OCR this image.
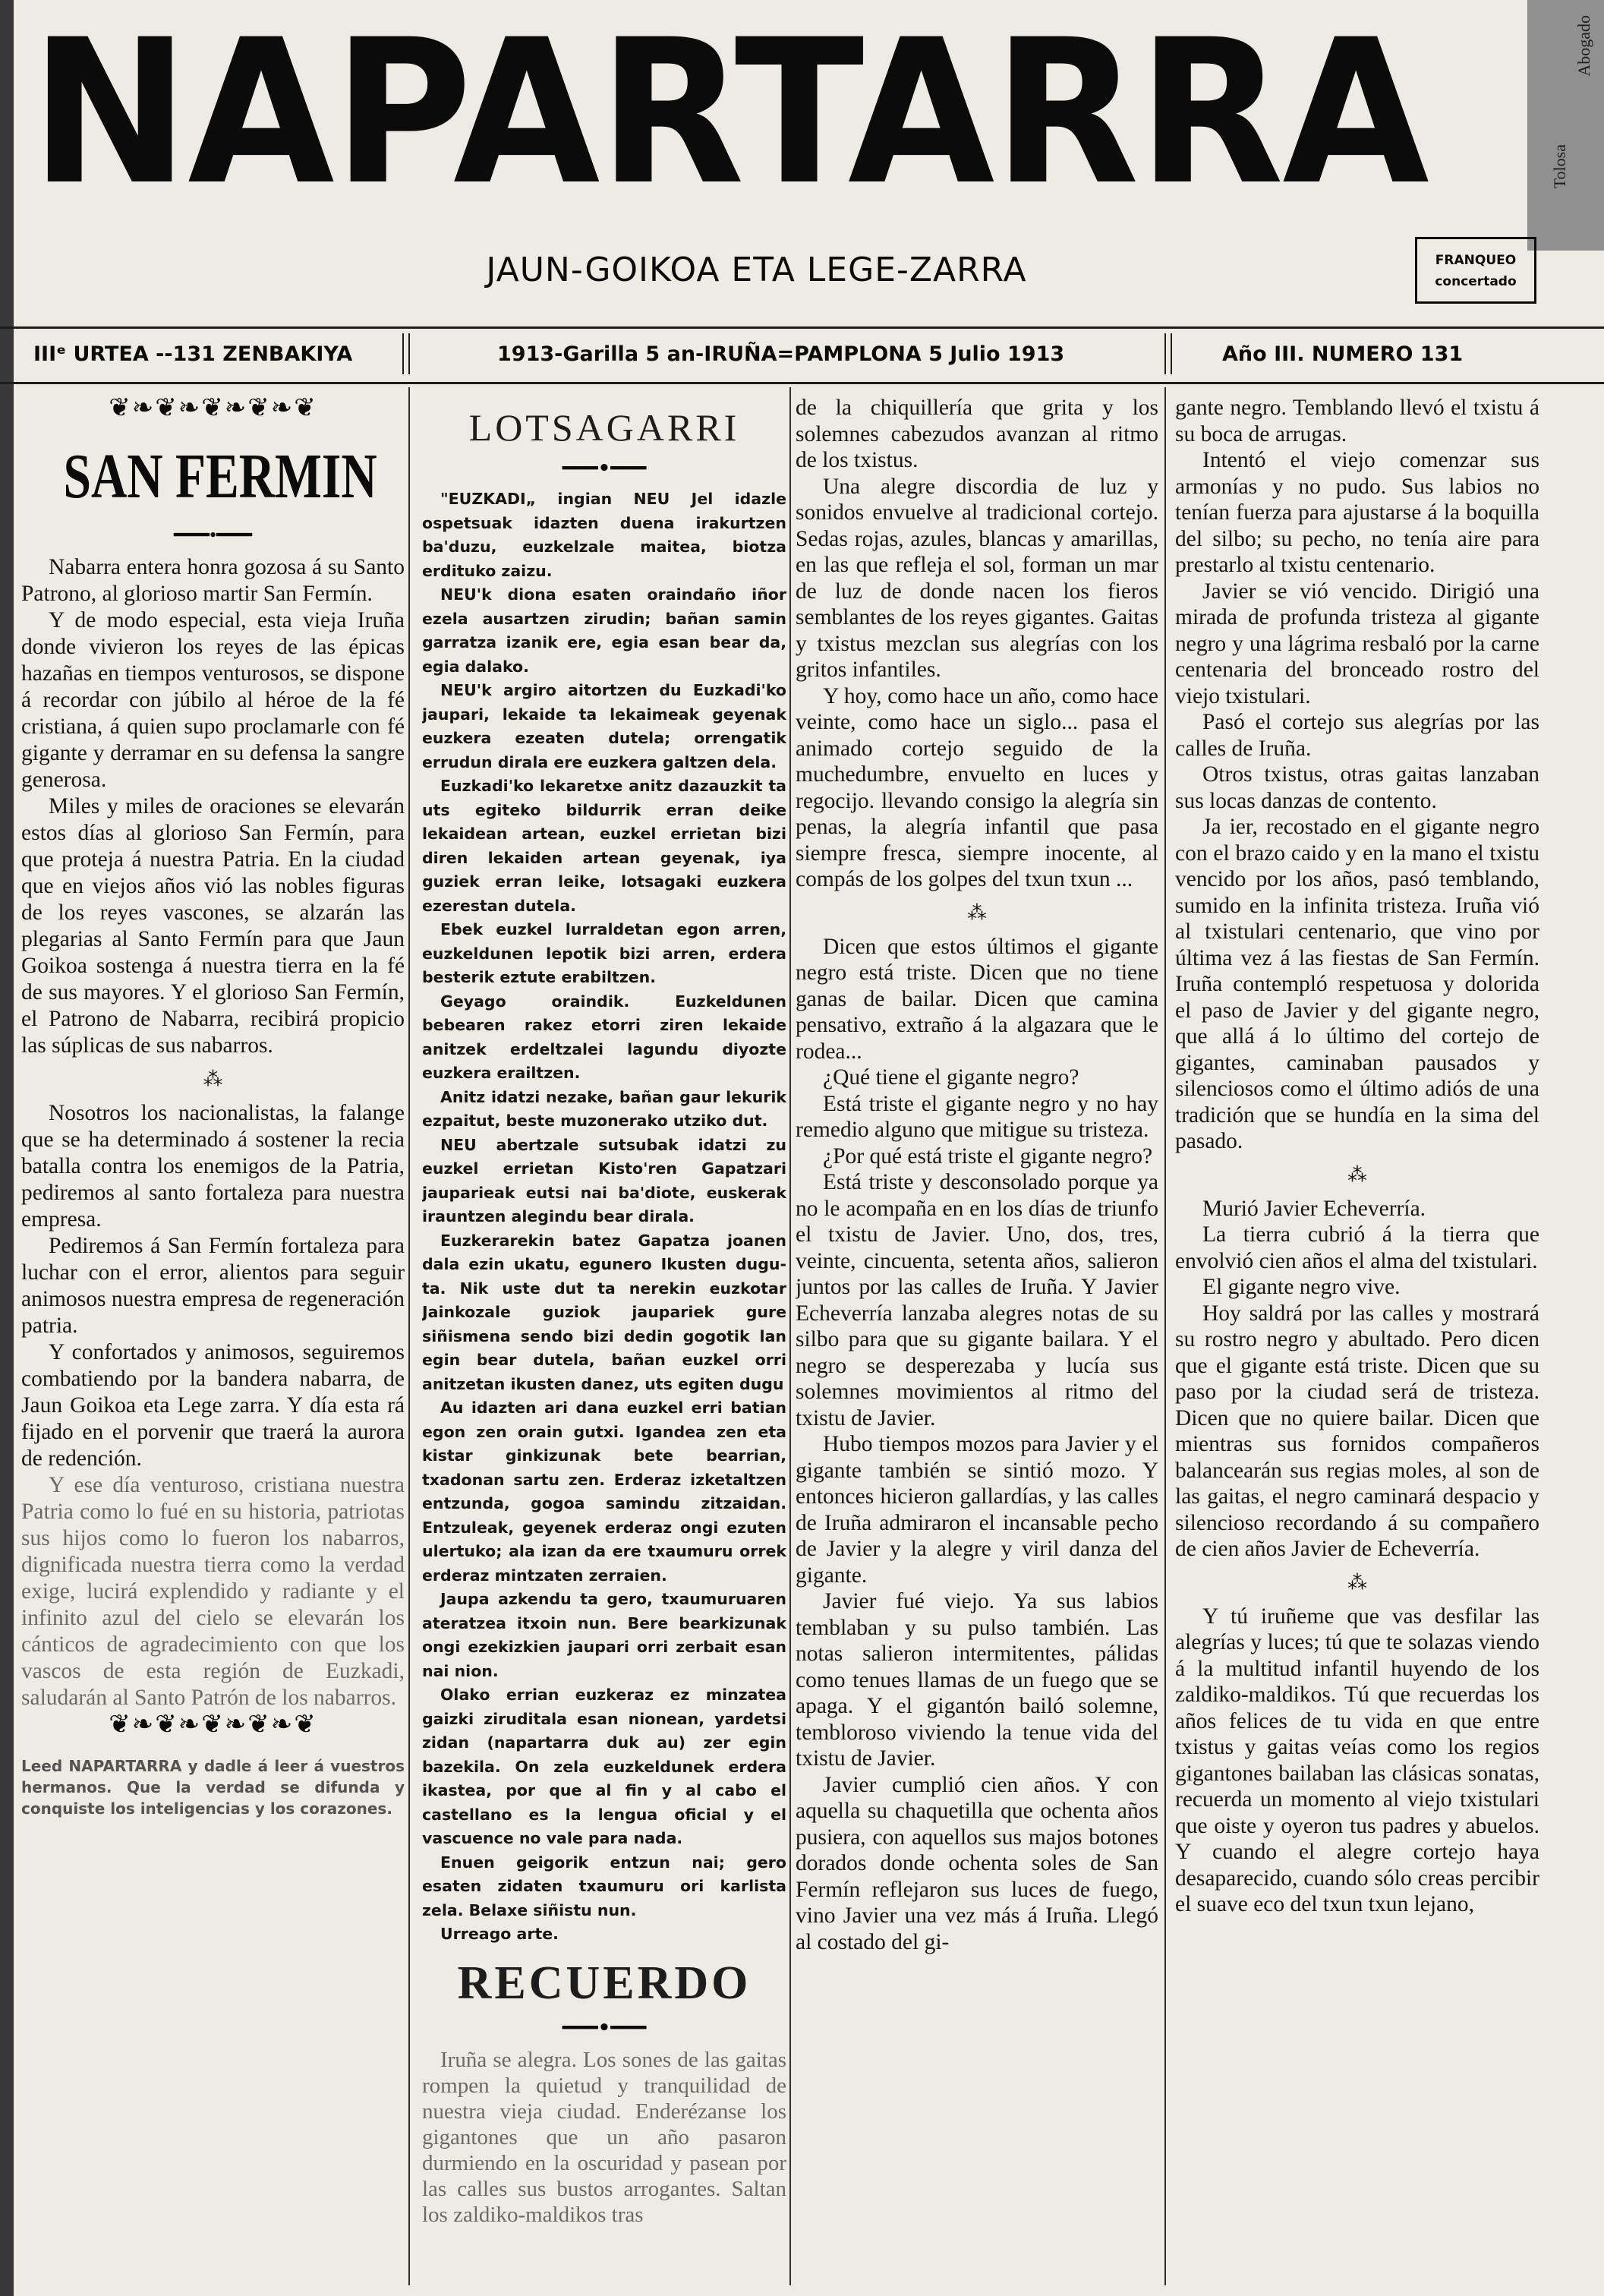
Abogado
Tolosa
NAPARTARRA
JAUN-GOIKOA ETA LEGE-ZARRA	FRANQUEO
concertado
IIIᵉ URTEA --131 ZENBAKIYA	1913-Garilla 5 an-IRUÑA=PAMPLONA 5 Julio 1913	Año III. NUMERO 131
❦❧❦❧❦❧❦❧❦
SAN FERMIN
━━━•━━━

Nabarra entera honra gozosa á su Santo Patrono, al glorioso martir San Fermín.

Y de modo especial, esta vieja Iruña donde vivieron los reyes de las épicas hazañas en tiempos venturosos, se dispone á recordar con júbilo al héroe de la fé cristiana, á quien supo proclamarle con fé gigante y derramar en su defensa la sangre generosa.

Miles y miles de oraciones se elevarán estos días al glorioso San Fermín, para que proteja á nuestra Patria. En la ciudad que en viejos años vió las nobles figuras de los reyes vascones, se alzarán las plegarias al Santo Fermín para que Jaun Goikoa sostenga á nuestra tierra en la fé de sus mayores. Y el glorioso San Fermín, el Patrono de Nabarra, recibirá propicio las súplicas de sus nabarros.

⁂

Nosotros los nacionalistas, la falange que se ha determinado á sostener la recia batalla contra los enemigos de la Patria, pediremos al santo fortaleza para nuestra empresa.

Pediremos á San Fermín fortaleza para luchar con el error, alientos para seguir animosos nuestra empresa de regeneración patria.

Y confortados y animosos, seguiremos combatiendo por la bandera nabarra, de Jaun Goikoa eta Lege zarra. Y día esta rá fijado en el porvenir que traerá la aurora de redención.

Y ese día venturoso, cristiana nuestra Patria como lo fué en su historia, patriotas sus hijos como lo fueron los nabarros, dignificada nuestra tierra como la verdad exige, lucirá explendido y radiante y el infinito azul del cielo se elevarán los cánticos de agradecimiento con que los vascos de esta región de Euzkadi, saludarán al Santo Patrón de los nabarros.

❦❧❦❧❦❧❦❧❦

Leed NAPARTARRA y dadle á leer á vuestros hermanos. Que la verdad se difunda y conquiste los inteligencias y los corazones.

LOTSAGARRI
━━━•━━━

"EUZKADI„ ingian NEU Jel idazle ospetsuak idazten duena irakurtzen ba'duzu, euzkelzale maitea, biotza erdituko zaizu.

NEU'k diona esaten oraindaño iñor ezela ausartzen zirudin; bañan samin garratza izanik ere, egia esan bear da, egia dalako.

NEU'k argiro aitortzen du Euzkadi'ko jaupari, lekaide ta lekaimeak geyenak euzkera ezeaten dutela; orrengatik errudun dirala ere euzkera galtzen dela.

Euzkadi'ko lekaretxe anitz dazauzkit ta uts egiteko bildurrik erran deike lekaidean artean, euzkel errietan bizi diren lekaiden artean geyenak, iya guziek erran leike, lotsagaki euzkera ezerestan dutela.

Ebek euzkel lurraldetan egon arren, euzkeldunen lepotik bizi arren, erdera besterik eztute erabiltzen.

Geyago oraindik. Euzkeldunen bebearen rakez etorri ziren lekaide anitzek erdeltzalei lagundu diyozte euzkera erailtzen.

Anitz idatzi nezake, bañan gaur lekurik ezpaitut, beste muzonerako utziko dut.

NEU abertzale sutsubak idatzi zu euzkel errietan Kisto'ren Gapatzari jauparieak eutsi nai ba'diote, euskerak irauntzen alegindu bear dirala.

Euzkerarekin batez Gapatza joanen dala ezin ukatu, egunero Ikusten dugu-ta. Nik uste dut ta nerekin euzkotar Jainkozale guziok jaupariek gure siñismena sendo bizi dedin gogotik lan egin bear dutela, bañan euzkel orri anitzetan ikusten danez, uts egiten dugu

Au idazten ari dana euzkel erri batian egon zen orain gutxi. Igandea zen eta kistar ginkizunak bete bearrian, txadonan sartu zen. Erderaz izketaltzen entzunda, gogoa samindu zitzaidan. Entzuleak, geyenek erderaz ongi ezuten ulertuko; ala izan da ere txaumuru orrek erderaz mintzaten zerraien.

Jaupa azkendu ta gero, txaumuruaren ateratzea itxoin nun. Bere bearkizunak ongi ezekizkien jaupari orri zerbait esan nai nion.

Olako errian euzkeraz ez minzatea gaizki ziruditala esan nionean, yardetsi zidan (napartarra duk au) zer egin bazekila. On zela euzkeldunek erdera ikastea, por que al fin y al cabo el castellano es la lengua oficial y el vascuence no vale para nada.

Enuen geigorik entzun nai; gero esaten zidaten txaumuru ori karlista zela. Belaxe siñistu nun.

Urreago arte.

RECUERDO
━━━•━━━

Iruña se alegra. Los sones de las gaitas rompen la quietud y tranquilidad de nuestra vieja ciudad. Enderézanse los gigantones que un año pasaron durmiendo en la oscuridad y pasean por las calles sus bustos arrogantes. Saltan los zaldiko-maldikos tras

de la chiquillería que grita y los solemnes cabezudos avanzan al ritmo de los txistus.

Una alegre discordia de luz y sonidos envuelve al tradicional cortejo. Sedas rojas, azules, blancas y amarillas, en las que refleja el sol, forman un mar de luz de donde nacen los fieros semblantes de los reyes gigantes. Gaitas y txistus mezclan sus alegrías con los gritos infantiles.

Y hoy, como hace un año, como hace veinte, como hace un siglo... pasa el animado cortejo seguido de la muchedumbre, envuelto en luces y regocijo. llevando consigo la alegría sin penas, la alegría infantil que pasa siempre fresca, siempre inocente, al compás de los golpes del txun txun ...

⁂

Dicen que estos últimos el gigante negro está triste. Dicen que no tiene ganas de bailar. Dicen que camina pensativo, extraño á la algazara que le rodea...

¿Qué tiene el gigante negro?

Está triste el gigante negro y no hay remedio alguno que mitigue su tristeza.

¿Por qué está triste el gigante negro?

Está triste y desconsolado porque ya no le acompaña en en los días de triunfo el txistu de Javier. Uno, dos, tres, veinte, cincuenta, setenta años, salieron juntos por las calles de Iruña. Y Javier Echeverría lanzaba alegres notas de su silbo para que su gigante bailara. Y el negro se desperezaba y lucía sus solemnes movimientos al ritmo del txistu de Javier.

Hubo tiempos mozos para Javier y el gigante también se sintió mozo. Y entonces hicieron gallardías, y las calles de Iruña admiraron el incansable pecho de Javier y la alegre y viril danza del gigante.

Javier fué viejo. Ya sus labios temblaban y su pulso también. Las notas salieron intermitentes, pálidas como tenues llamas de un fuego que se apaga. Y el gigantón bailó solemne, tembloroso viviendo la tenue vida del txistu de Javier.

Javier cumplió cien años. Y con aquella su chaquetilla que ochenta años pusiera, con aquellos sus majos botones dorados donde ochenta soles de San Fermín reflejaron sus luces de fuego, vino Javier una vez más á Iruña. Llegó al costado del gi-

gante negro. Temblando llevó el txistu á su boca de arrugas.

Intentó el viejo comenzar sus armonías y no pudo. Sus labios no tenían fuerza para ajustarse á la boquilla del silbo; su pecho, no tenía aire para prestarlo al txistu centenario.

Javier se vió vencido. Dirigió una mirada de profunda tristeza al gigante negro y una lágrima resbaló por la carne centenaria del bronceado rostro del viejo txistulari.

Pasó el cortejo sus alegrías por las calles de Iruña.

Otros txistus, otras gaitas lanzaban sus locas danzas de contento.

Ja ier, recostado en el gigante negro con el brazo caido y en la mano el txistu vencido por los años, pasó temblando, sumido en la infinita tristeza. Iruña vió al txistulari centenario, que vino por última vez á las fiestas de San Fermín. Iruña contempló respetuosa y dolorida el paso de Javier y del gigante negro, que allá á lo último del cortejo de gigantes, caminaban pausados y silenciosos como el último adiós de una tradición que se hundía en la sima del pasado.

⁂

Murió Javier Echeverría.

La tierra cubrió á la tierra que envolvió cien años el alma del txistulari.

El gigante negro vive.

Hoy saldrá por las calles y mostrará su rostro negro y abultado. Pero dicen que el gigante está triste. Dicen que su paso por la ciudad será de tristeza. Dicen que no quiere bailar. Dicen que mientras sus fornidos compañeros balancearán sus regias moles, al son de las gaitas, el negro caminará despacio y silencioso recordando á su compañero de cien años Javier de Echeverría.

⁂

Y tú iruñeme que vas desfilar las alegrías y luces; tú que te solazas viendo á la multitud infantil huyendo de los zaldiko-maldikos. Tú que recuerdas los años felices de tu vida en que entre txistus y gaitas veías como los regios gigantones bailaban las clásicas sonatas, recuerda un momento al viejo txistulari que oiste y oyeron tus padres y abuelos. Y cuando el alegre cortejo haya desaparecido, cuando sólo creas percibir el suave eco del txun txun lejano,
